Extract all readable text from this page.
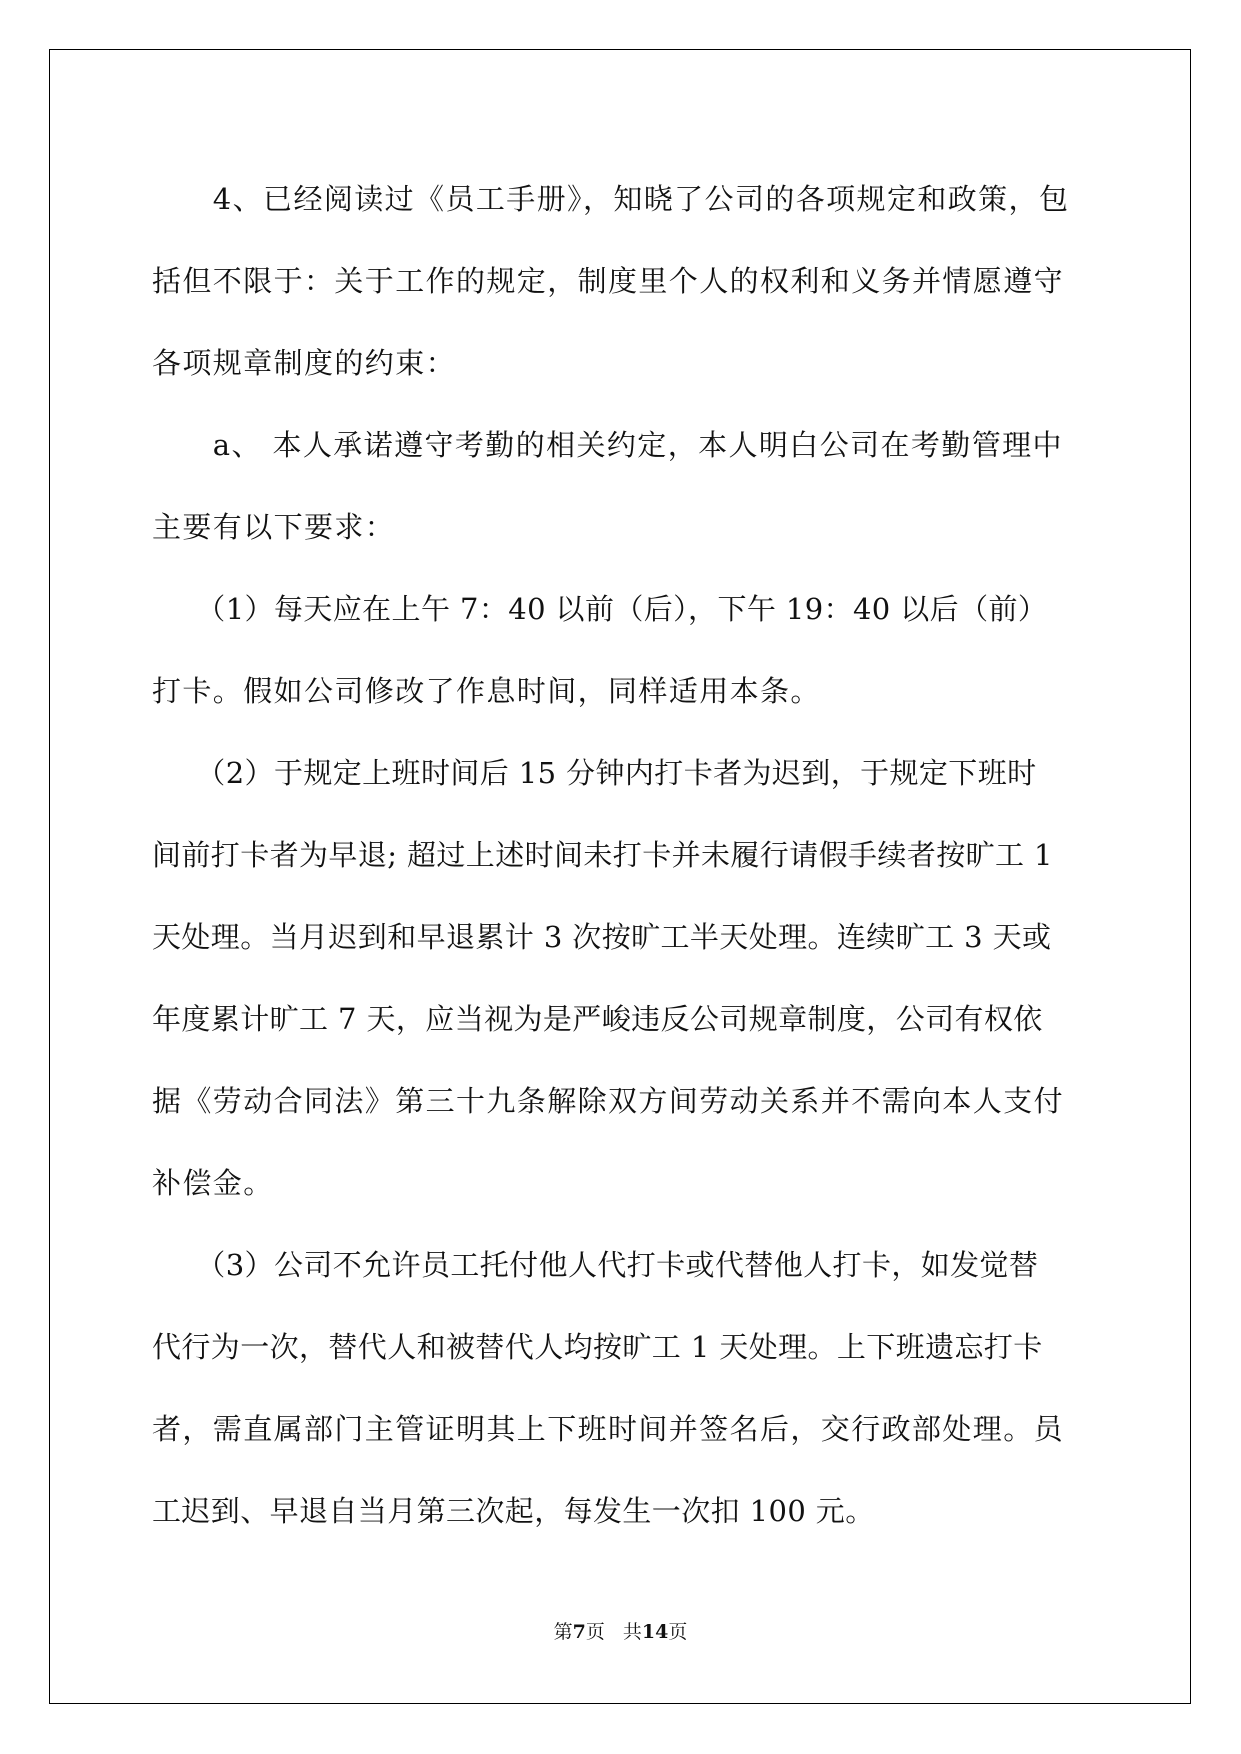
　　4、已经阅读过《员工手册》，知晓了公司的各项规定和政策，包
括但不限于：关于工作的规定，制度里个人的权利和义务并情愿遵守
各项规章制度的约束：
　　a、 本人承诺遵守考勤的相关约定，本人明白公司在考勤管理中
主要有以下要求：
　　（1）每天应在上午 7：40 以前（后），下午 19：40 以后（前）
打卡。假如公司修改了作息时间，同样适用本条。
　　（2）于规定上班时间后 15 分钟内打卡者为迟到，于规定下班时
间前打卡者为早退; 超过上述时间未打卡并未履行请假手续者按旷工 1
天处理。当月迟到和早退累计 3 次按旷工半天处理。连续旷工 3 天或
年度累计旷工 7 天，应当视为是严峻违反公司规章制度，公司有权依
据《劳动合同法》第三十九条解除双方间劳动关系并不需向本人支付
补偿金。
　　（3）公司不允许员工托付他人代打卡或代替他人打卡，如发觉替
代行为一次，替代人和被替代人均按旷工 1 天处理。上下班遗忘打卡
者，需直属部门主管证明其上下班时间并签名后，交行政部处理。员
工迟到、早退自当月第三次起，每发生一次扣 100 元。
第7页 共14页
